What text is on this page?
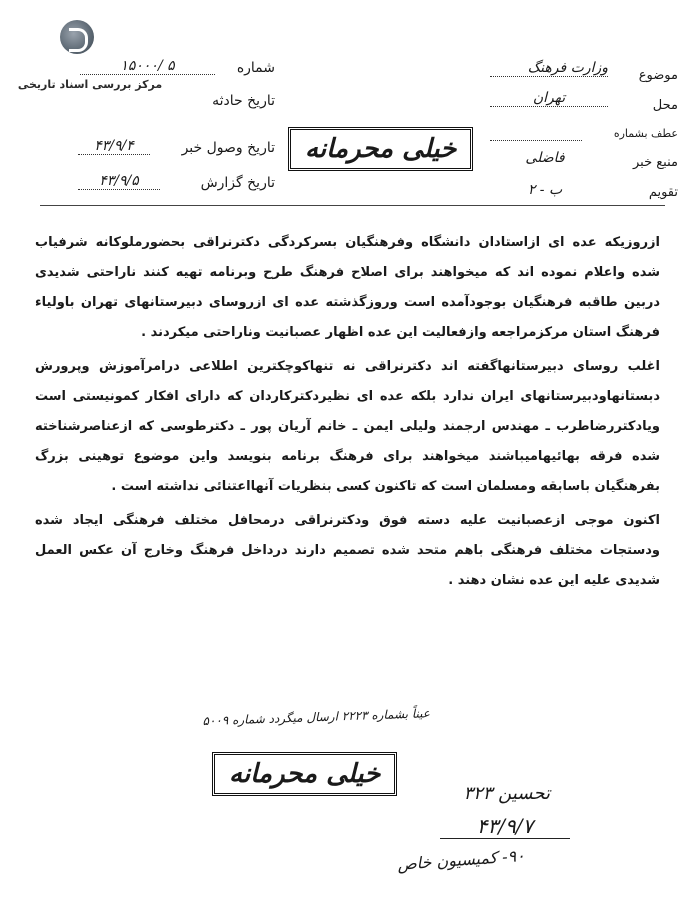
مرکز بررسی اسناد تاریخی
شماره
۱۵۰۰۰/ ۵
تاریخ حادثه
تاریخ وصول خبر
۴۳/۹/۴
تاریخ گزارش
۴۳/۹/۵
خیلی محرمانه
موضوع
وزارت فرهنگ
محل
تهران
عطف بشماره
منبع خبر
فاضلی
تقویم
ب - ۲

ازروزیکه عده ای ازاستادان دانشگاه وفرهنگیان بسرکردگی دکترنراقی بحضورملوکانه شرفیاب شده واعلام نموده اند که میخواهند برای اصلاح فرهنگ طرح وبرنامه تهیه کنند ناراحتی شدیدی دربین طاقبه فرهنگیان بوجودآمده است وروزگذشته عده ای ازروسای دبیرستانهای تهران باولیاء فرهنگ استان مرکزمراجعه وازفعالیت این عده اظهار عصبانیت وناراحتی میکردند .

اغلب روسای دبیرستانهاگفته اند دکترنراقی نه تنهاکوچکترین اطلاعی درامرآموزش وپرورش دبستانهاودبیرستانهای ایران ندارد بلکه عده ای نظیردکترکاردان که دارای افکار کمونیستی است ویادکتررضاطرب ـ مهندس ارجمند ولیلی ایمن ـ خانم آریان پور ـ دکترطوسی که ازعناصرشناخته شده فرقه بهائیهامیباشند میخواهند برای فرهنگ برنامه بنویسد واین موضوع توهینی بزرگ بفرهنگیان باسابقه ومسلمان است که تاکنون کسی بنظریات آنهااعتنائی نداشته است .

اکنون موجی ازعصبانیت علیه دسته فوق ودکترنراقی درمحافل مختلف فرهنگی ایجاد شده ودستجات مختلف فرهنگی باهم متحد شده تصمیم دارند درداخل فرهنگ وخارج آن عکس العمل شدیدی علیه این عده نشان دهند .

عیناً بشماره ۲۲۲۳ ارسال میگردد شماره ۵۰۰۹
خیلی محرمانه
تحسین ۳۲۳
۴۳/۹/۷
۹۰- کمیسیون خاص
